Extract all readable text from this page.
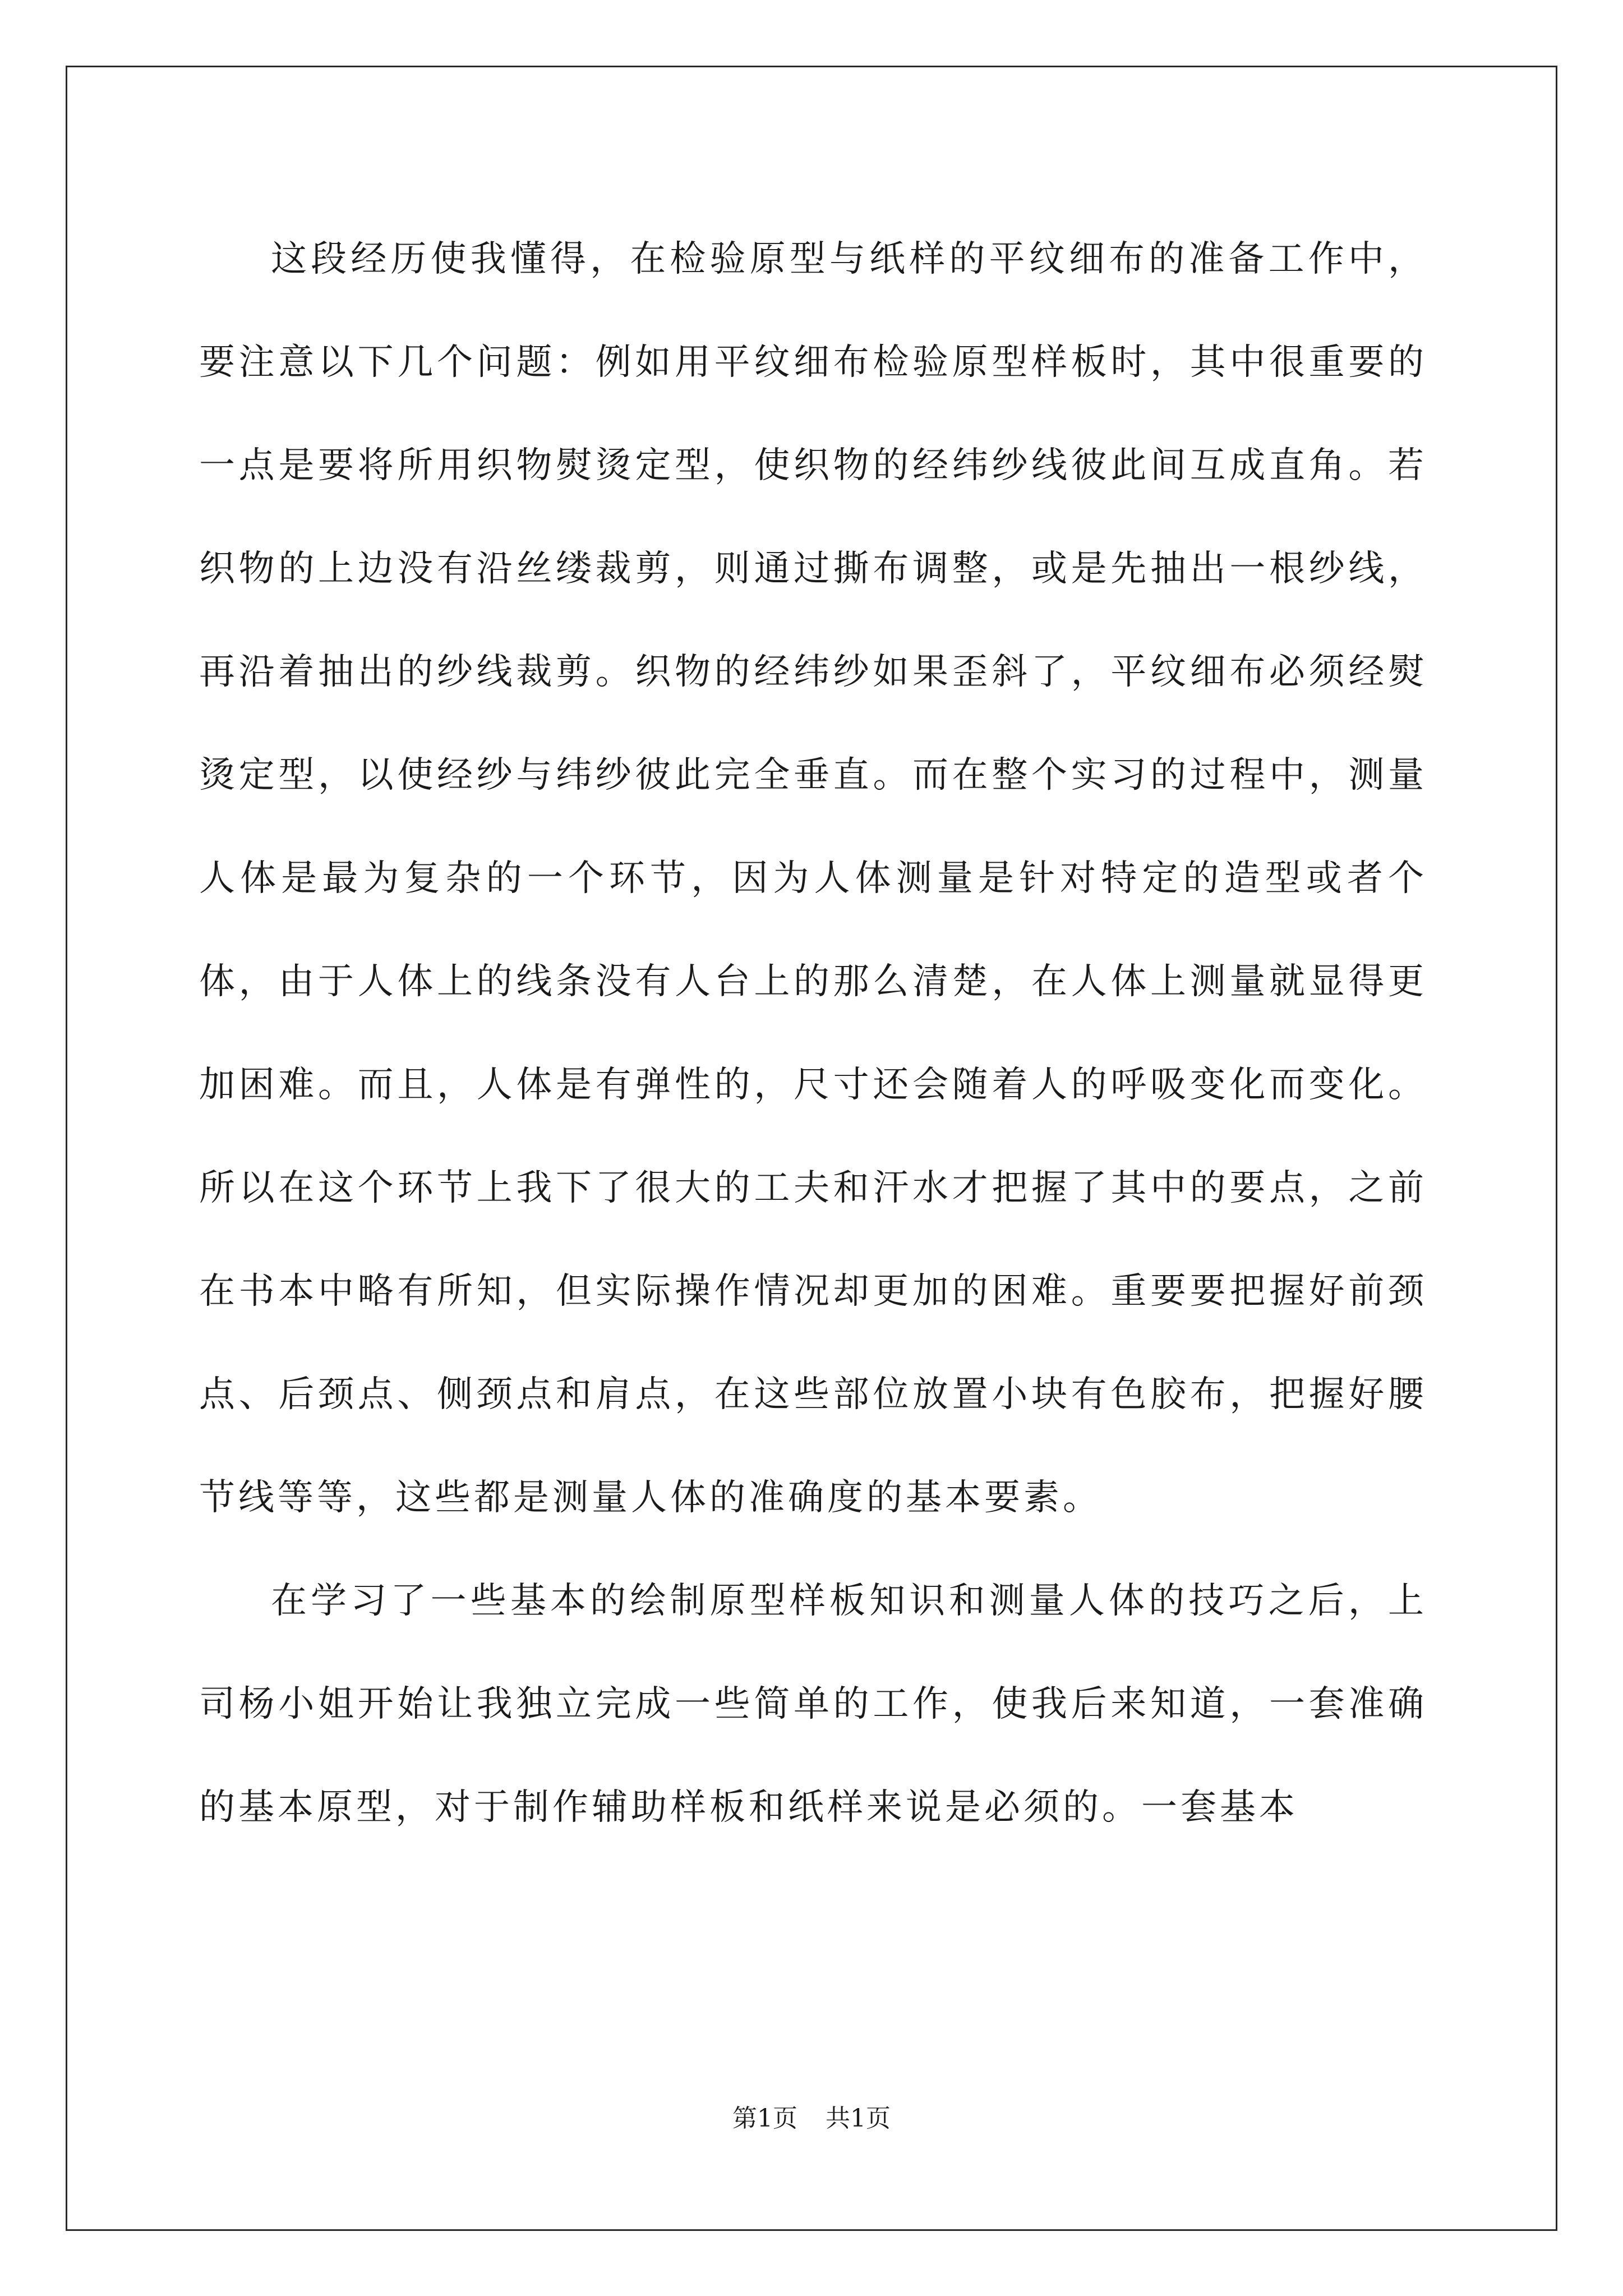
这段经历使我懂得，在检验原型与纸样的平纹细布的准备工作中，要注意以下几个问题：例如用平纹细布检验原型样板时，其中很重要的一点是要将所用织物熨烫定型，使织物的经纬纱线彼此间互成直角。若织物的上边没有沿丝缕裁剪，则通过撕布调整，或是先抽出一根纱线，再沿着抽出的纱线裁剪。织物的经纬纱如果歪斜了，平纹细布必须经熨烫定型，以使经纱与纬纱彼此完全垂直。而在整个实习的过程中，测量人体是最为复杂的一个环节，因为人体测量是针对特定的造型或者个体，由于人体上的线条没有人台上的那么清楚，在人体上测量就显得更加困难。而且，人体是有弹性的，尺寸还会随着人的呼吸变化而变化。所以在这个环节上我下了很大的工夫和汗水才把握了其中的要点，之前在书本中略有所知，但实际操作情况却更加的困难。重要要把握好前颈点、后颈点、侧颈点和肩点，在这些部位放置小块有色胶布，把握好腰节线等等，这些都是测量人体的准确度的基本要素。

在学习了一些基本的绘制原型样板知识和测量人体的技巧之后，上司杨小姐开始让我独立完成一些简单的工作，使我后来知道，一套准确的基本原型，对于制作辅助样板和纸样来说是必须的。一套基本

第1页 共1页
